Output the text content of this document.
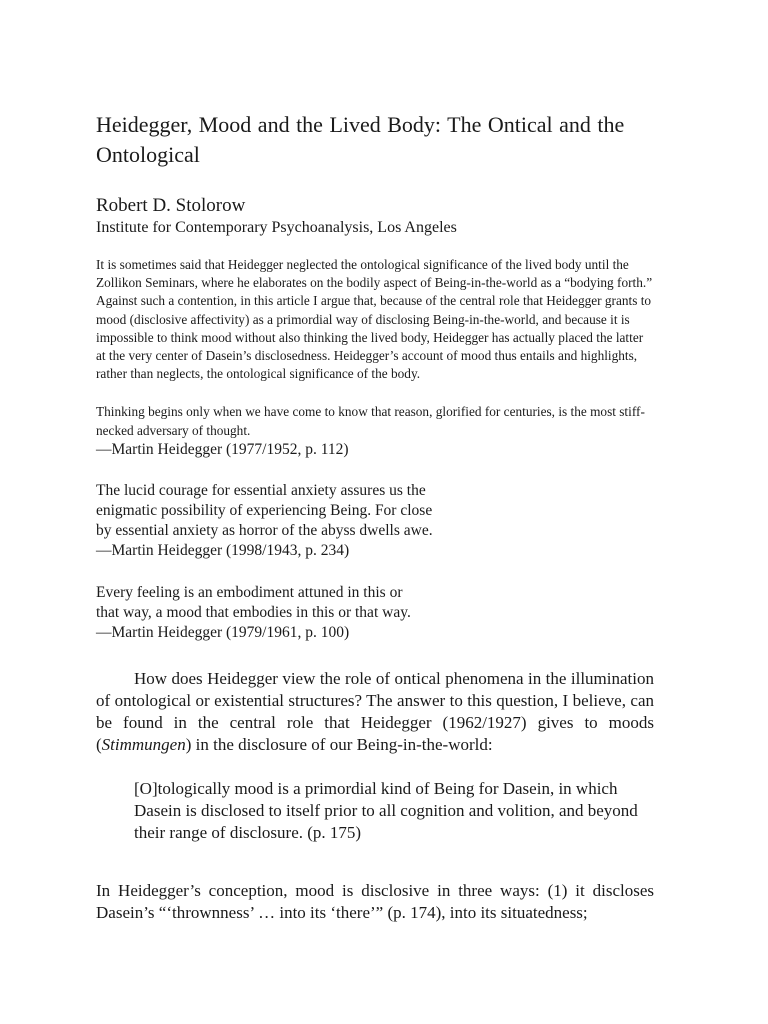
Heidegger, Mood and the Lived Body: The Ontical and the Ontological

Robert D. Stolorow

Institute for Contemporary Psychoanalysis, Los Angeles

It is sometimes said that Heidegger neglected the ontological significance of the lived body until the Zollikon Seminars, where he elaborates on the bodily aspect of Being-in-the-world as a “bodying forth.” Against such a contention, in this article I argue that, because of the central role that Heidegger grants to mood (disclosive affectivity) as a primordial way of disclosing Being-in-the-world, and because it is impossible to think mood without also thinking the lived body, Heidegger has actually placed the latter at the very center of Dasein’s disclosedness. Heidegger’s account of mood thus entails and highlights, rather than neglects, the ontological significance of the body.

Thinking begins only when we have come to know that reason, glorified for centuries, is the most stiff-necked adversary of thought.

—Martin Heidegger (1977/1952, p. 112)

The lucid courage for essential anxiety assures us the

enigmatic possibility of experiencing Being. For close

by essential anxiety as horror of the abyss dwells awe.

—Martin Heidegger (1998/1943, p. 234)

Every feeling is an embodiment attuned in this or

that way, a mood that embodies in this or that way.

—Martin Heidegger (1979/1961, p. 100)

How does Heidegger view the role of ontical phenomena in the illumination of ontological or existential structures? The answer to this question, I believe, can be found in the central role that Heidegger (1962/1927) gives to moods (Stimmungen) in the disclosure of our Being-in-the-world:

[O]tologically mood is a primordial kind of Being for Dasein, in which Dasein is disclosed to itself prior to all cognition and volition, and beyond their range of disclosure. (p. 175)

In Heidegger’s conception, mood is disclosive in three ways: (1) it discloses Dasein’s “‘thrownness’ … into its ‘there’” (p. 174), into its situatedness;
